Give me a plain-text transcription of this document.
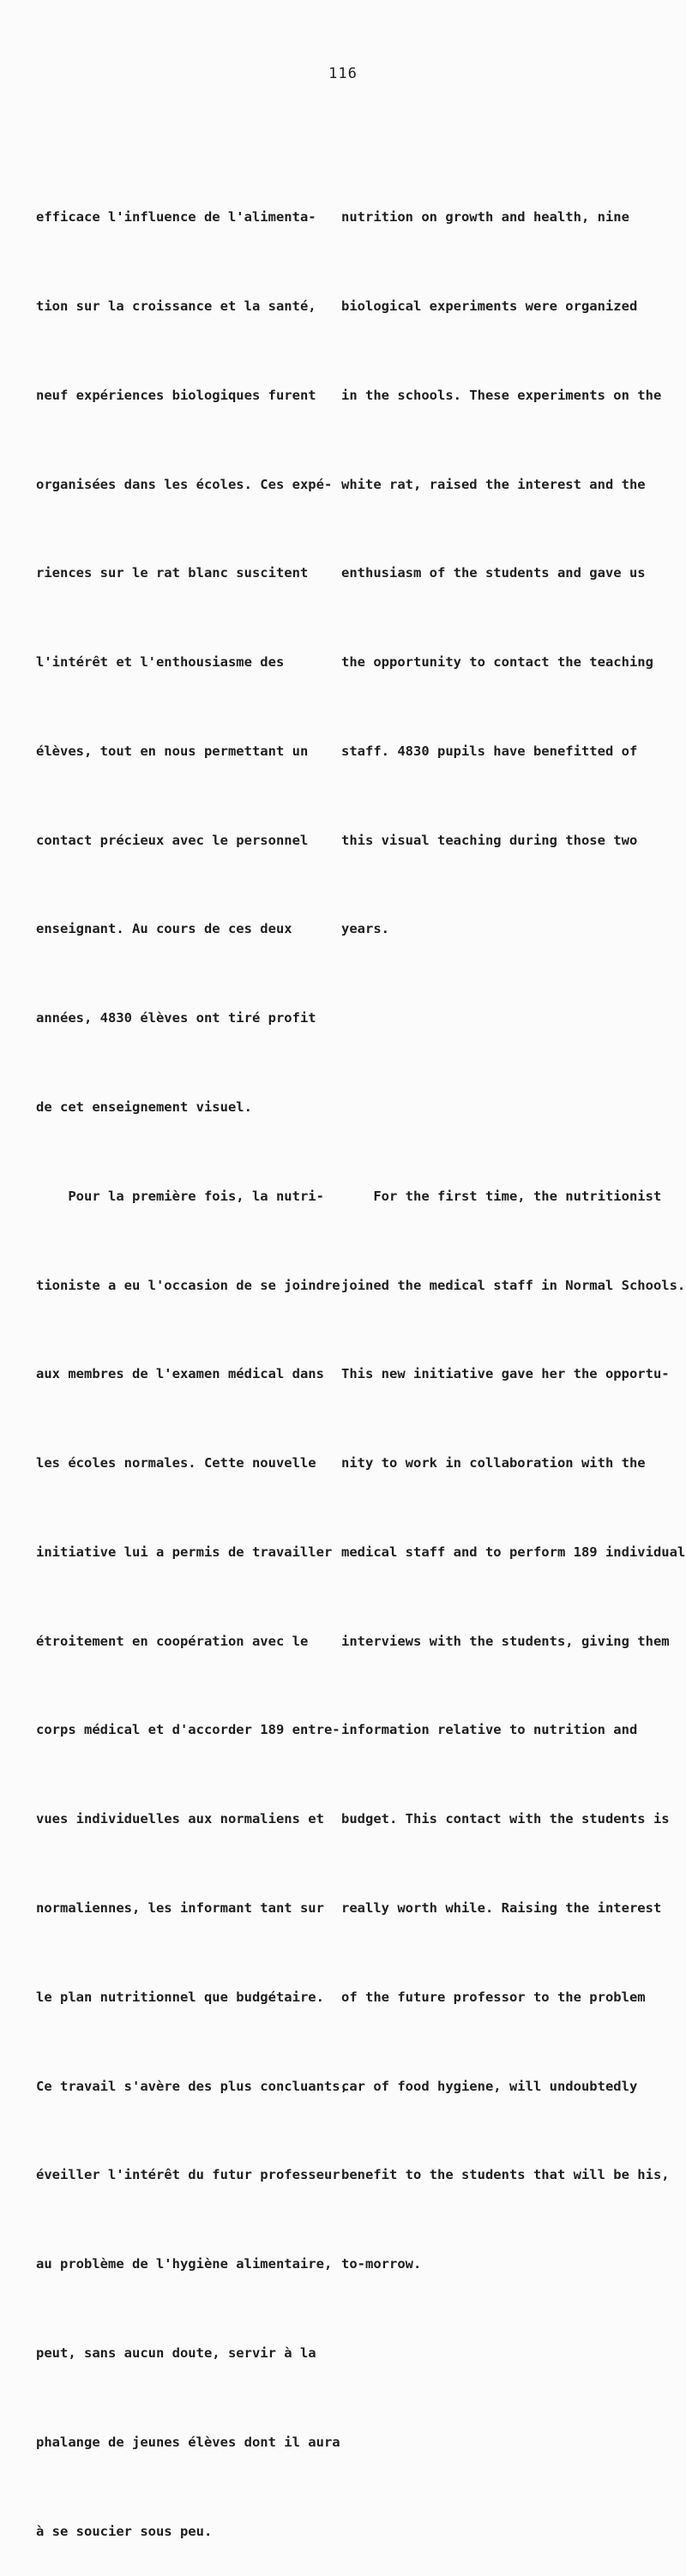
116

efficace l'influence de l'alimenta-

tion sur la croissance et la santé,

neuf expériences biologiques furent

organisées dans les écoles. Ces expé-

riences sur le rat blanc suscitent

l'intérêt et l'enthousiasme des

élèves, tout en nous permettant un

contact précieux avec le personnel

enseignant. Au cours de ces deux

années, 4830 élèves ont tiré profit

de cet enseignement visuel.

Pour la première fois, la nutri-

tioniste a eu l'occasion de se joindre

aux membres de l'examen médical dans

les écoles normales. Cette nouvelle

initiative lui a permis de travailler

étroitement en coopération avec le

corps médical et d'accorder 189 entre-

vues individuelles aux normaliens et

normaliennes, les informant tant sur

le plan nutritionnel que budgétaire.

Ce travail s'avère des plus concluants,

éveiller l'intérêt du futur professeur

au problème de l'hygiène alimentaire,

peut, sans aucun doute, servir à la

phalange de jeunes élèves dont il aura

à se soucier sous peu.

nutrition on growth and health, nine

biological experiments were organized

in the schools. These experiments on the

white rat, raised the interest and the

enthusiasm of the students and gave us

the opportunity to contact the teaching

staff. 4830 pupils have benefitted of

this visual teaching during those two

years.

For the first time, the nutritionist

joined the medical staff in Normal Schools.

This new initiative gave her the opportu-

nity to work in collaboration with the

medical staff and to perform 189 individual

interviews with the students, giving them

information relative to nutrition and

budget. This contact with the students is

really worth while. Raising the interest

of the future professor to the problem

car of food hygiene, will undoubtedly

benefit to the students that will be his,

to-morrow.
